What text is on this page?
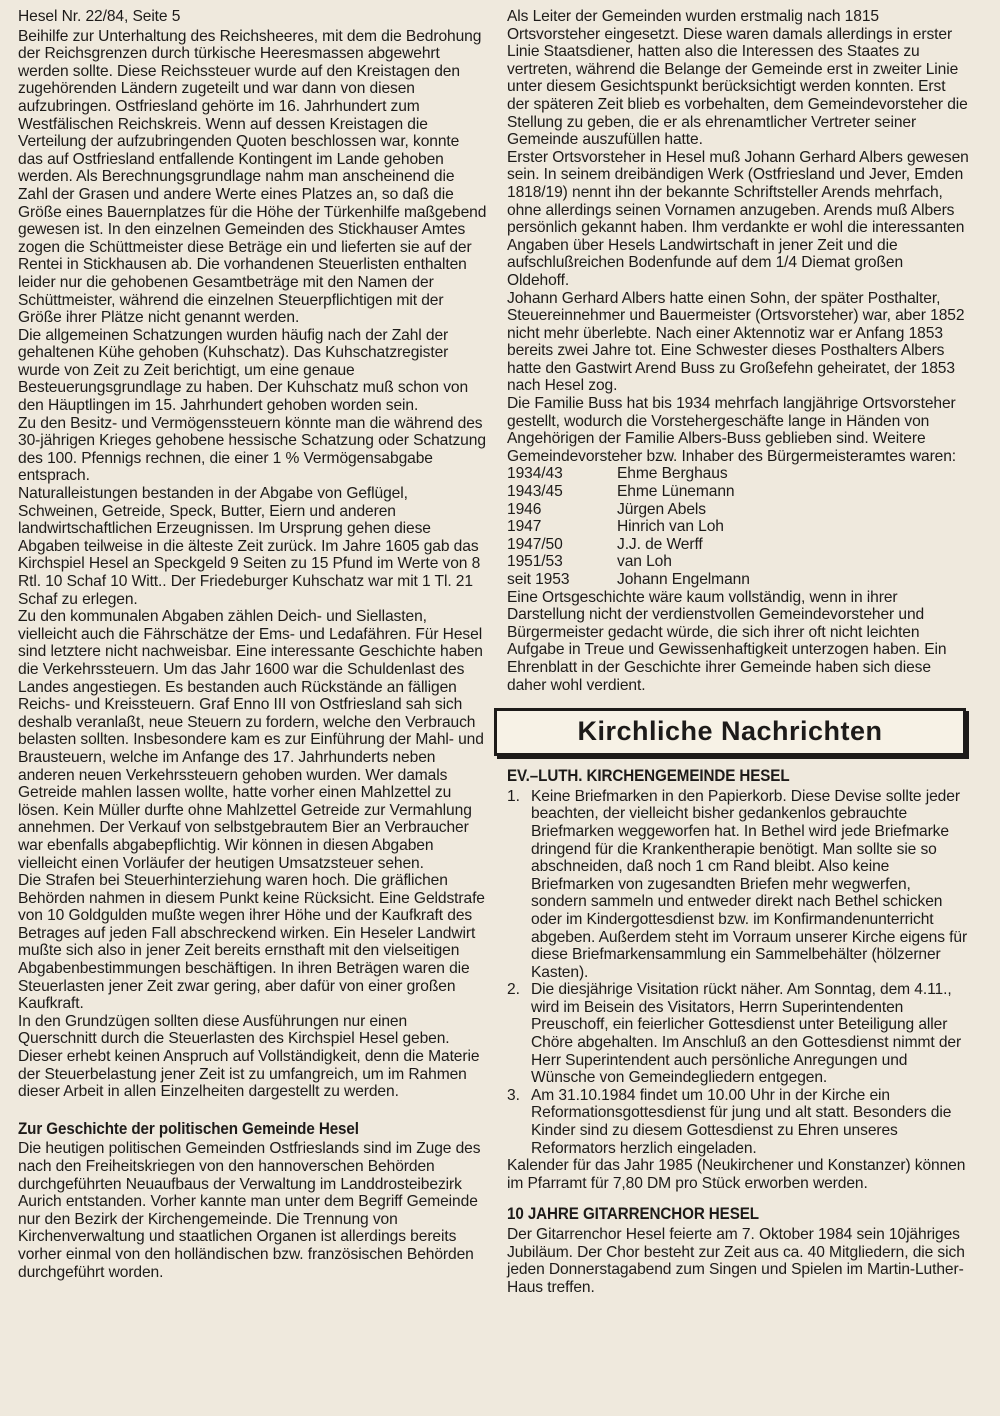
Hesel Nr. 22/84, Seite 5

Beihilfe zur Unterhaltung des Reichsheeres, mit dem die Bedrohung der Reichsgrenzen durch türkische Heeresmassen abgewehrt werden sollte. Diese Reichssteuer wurde auf den Kreistagen den zugehörenden Ländern zugeteilt und war dann von diesen aufzubringen. Ostfriesland gehörte im 16. Jahrhundert zum Westfälischen Reichskreis. Wenn auf dessen Kreistagen die Verteilung der aufzubringenden Quoten beschlossen war, konnte das auf Ostfriesland entfallende Kontingent im Lande gehoben werden. Als Berechnungsgrundlage nahm man anscheinend die Zahl der Grasen und andere Werte eines Platzes an, so daß die Größe eines Bauernplatzes für die Höhe der Türkenhilfe maßgebend gewesen ist. In den einzelnen Gemeinden des Stickhauser Amtes zogen die Schüttmeister diese Beträge ein und lieferten sie auf der Rentei in Stickhausen ab. Die vorhandenen Steuerlisten enthalten leider nur die gehobenen Gesamtbeträge mit den Namen der Schüttmeister, während die einzelnen Steuerpflichtigen mit der Größe ihrer Plätze nicht genannt werden.

Die allgemeinen Schatzungen wurden häufig nach der Zahl der gehaltenen Kühe gehoben (Kuhschatz). Das Kuhschatzregister wurde von Zeit zu Zeit berichtigt, um eine genaue Besteuerungsgrundlage zu haben. Der Kuhschatz muß schon von den Häuptlingen im 15. Jahrhundert gehoben worden sein.

Zu den Besitz- und Vermögenssteuern könnte man die während des 30-jährigen Krieges gehobene hessische Schatzung oder Schatzung des 100. Pfennigs rechnen, die einer 1 % Vermögensabgabe entsprach.

Naturalleistungen bestanden in der Abgabe von Geflügel, Schweinen, Getreide, Speck, Butter, Eiern und anderen landwirtschaftlichen Erzeugnissen. Im Ursprung gehen diese Abgaben teilweise in die älteste Zeit zurück. Im Jahre 1605 gab das Kirchspiel Hesel an Speckgeld 9 Seiten zu 15 Pfund im Werte von 8 Rtl. 10 Schaf 10 Witt.. Der Friedeburger Kuhschatz war mit 1 Tl. 21 Schaf zu erlegen.

Zu den kommunalen Abgaben zählen Deich- und Siellasten, vielleicht auch die Fährschätze der Ems- und Ledafähren. Für Hesel sind letztere nicht nachweisbar. Eine interessante Geschichte haben die Verkehrssteuern. Um das Jahr 1600 war die Schuldenlast des Landes angestiegen. Es bestanden auch Rückstände an fälligen Reichs- und Kreissteuern. Graf Enno III von Ostfriesland sah sich deshalb veranlaßt, neue Steuern zu fordern, welche den Verbrauch belasten sollten. Insbesondere kam es zur Einführung der Mahl- und Brausteuern, welche im Anfange des 17. Jahrhunderts neben anderen neuen Verkehrssteuern gehoben wurden. Wer damals Getreide mahlen lassen wollte, hatte vorher einen Mahlzettel zu lösen. Kein Müller durfte ohne Mahlzettel Getreide zur Vermahlung annehmen. Der Verkauf von selbstgebrautem Bier an Verbraucher war ebenfalls abgabepflichtig. Wir können in diesen Abgaben vielleicht einen Vorläufer der heutigen Umsatzsteuer sehen.

Die Strafen bei Steuerhinterziehung waren hoch. Die gräflichen Behörden nahmen in diesem Punkt keine Rücksicht. Eine Geldstrafe von 10 Goldgulden mußte wegen ihrer Höhe und der Kaufkraft des Betrages auf jeden Fall abschreckend wirken. Ein Heseler Landwirt mußte sich also in jener Zeit bereits ernsthaft mit den vielseitigen Abgabenbestimmungen beschäftigen. In ihren Beträgen waren die Steuerlasten jener Zeit zwar gering, aber dafür von einer großen Kaufkraft.

In den Grundzügen sollten diese Ausführungen nur einen Querschnitt durch die Steuerlasten des Kirchspiel Hesel geben. Dieser erhebt keinen Anspruch auf Vollständigkeit, denn die Materie der Steuerbelastung jener Zeit ist zu umfangreich, um im Rahmen dieser Arbeit in allen Einzelheiten dargestellt zu werden.

Zur Geschichte der politischen Gemeinde Hesel

Die heutigen politischen Gemeinden Ostfrieslands sind im Zuge des nach den Freiheitskriegen von den hannoverschen Behörden durchgeführten Neuaufbaus der Verwaltung im Landdrosteibezirk Aurich entstanden. Vorher kannte man unter dem Begriff Gemeinde nur den Bezirk der Kirchengemeinde. Die Trennung von Kirchenverwaltung und staatlichen Organen ist allerdings bereits vorher einmal von den holländischen bzw. französischen Behörden durchgeführt worden.

Als Leiter der Gemeinden wurden erstmalig nach 1815 Ortsvorsteher eingesetzt. Diese waren damals allerdings in erster Linie Staatsdiener, hatten also die Interessen des Staates zu vertreten, während die Belange der Gemeinde erst in zweiter Linie unter diesem Gesichtspunkt berücksichtigt werden konnten. Erst der späteren Zeit blieb es vorbehalten, dem Gemeindevorsteher die Stellung zu geben, die er als ehrenamtlicher Vertreter seiner Gemeinde auszufüllen hatte.

Erster Ortsvorsteher in Hesel muß Johann Gerhard Albers gewesen sein. In seinem dreibändigen Werk (Ostfriesland und Jever, Emden 1818/19) nennt ihn der bekannte Schriftsteller Arends mehrfach, ohne allerdings seinen Vornamen anzugeben. Arends muß Albers persönlich gekannt haben. Ihm verdankte er wohl die interessanten Angaben über Hesels Landwirtschaft in jener Zeit und die aufschlußreichen Bodenfunde auf dem 1/4 Diemat großen Oldehoff.

Johann Gerhard Albers hatte einen Sohn, der später Posthalter, Steuereinnehmer und Bauermeister (Ortsvorsteher) war, aber 1852 nicht mehr überlebte. Nach einer Aktennotiz war er Anfang 1853 bereits zwei Jahre tot. Eine Schwester dieses Posthalters Albers hatte den Gastwirt Arend Buss zu Großefehn geheiratet, der 1853 nach Hesel zog.

Die Familie Buss hat bis 1934 mehrfach langjährige Ortsvorsteher gestellt, wodurch die Vorstehergeschäfte lange in Händen von Angehörigen der Familie Albers-Buss geblieben sind. Weitere Gemeindevorsteher bzw. Inhaber des Bürgermeisteramtes waren:

1934/43	Ehme Berghaus
1943/45	Ehme Lünemann
1946	Jürgen Abels
1947	Hinrich van Loh
1947/50	J.J. de Werff
1951/53	van Loh
seit 1953	Johann Engelmann

Eine Ortsgeschichte wäre kaum vollständig, wenn in ihrer Darstellung nicht der verdienstvollen Gemeindevorsteher und Bürgermeister gedacht würde, die sich ihrer oft nicht leichten Aufgabe in Treue und Gewissenhaftigkeit unterzogen haben. Ein Ehrenblatt in der Geschichte ihrer Gemeinde haben sich diese daher wohl verdient.

Kirchliche Nachrichten
EV.–LUTH. KIRCHENGEMEINDE HESEL
1. Keine Briefmarken in den Papierkorb. Diese Devise sollte jeder beachten, der vielleicht bisher gedankenlos gebrauchte Briefmarken weggeworfen hat. In Bethel wird jede Briefmarke dringend für die Krankentherapie benötigt. Man sollte sie so abschneiden, daß noch 1 cm Rand bleibt. Also keine Briefmarken von zugesandten Briefen mehr wegwerfen, sondern sammeln und entweder direkt nach Bethel schicken oder im Kindergottesdienst bzw. im Konfirmandenunterricht abgeben. Außerdem steht im Vorraum unserer Kirche eigens für diese Briefmarkensammlung ein Sammelbehälter (hölzerner Kasten).
2. Die diesjährige Visitation rückt näher. Am Sonntag, dem 4.11., wird im Beisein des Visitators, Herrn Superintendenten Preuschoff, ein feierlicher Gottesdienst unter Beteiligung aller Chöre abgehalten. Im Anschluß an den Gottesdienst nimmt der Herr Superintendent auch persönliche Anregungen und Wünsche von Gemeindegliedern entgegen.
3. Am 31.10.1984 findet um 10.00 Uhr in der Kirche ein Reformationsgottesdienst für jung und alt statt. Besonders die Kinder sind zu diesem Gottesdienst zu Ehren unseres Reformators herzlich eingeladen.

Kalender für das Jahr 1985 (Neukirchener und Konstanzer) können im Pfarramt für 7,80 DM pro Stück erworben werden.

10 JAHRE GITARRENCHOR HESEL

Der Gitarrenchor Hesel feierte am 7. Oktober 1984 sein 10jähriges Jubiläum. Der Chor besteht zur Zeit aus ca. 40 Mitgliedern, die sich jeden Donnerstagabend zum Singen und Spielen im Martin-Luther-Haus treffen.
